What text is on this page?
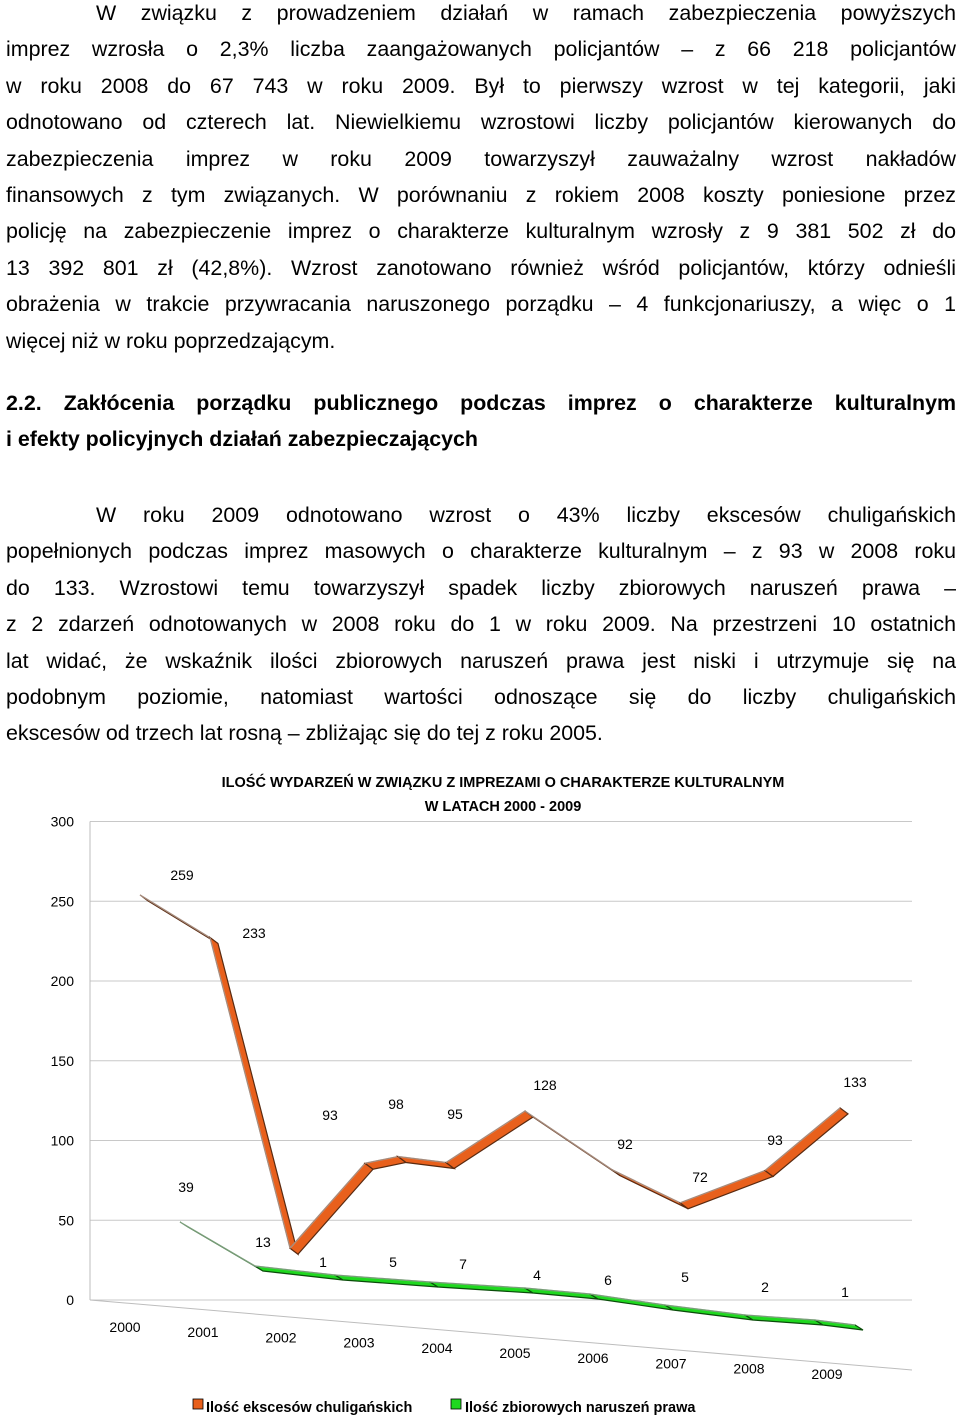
W związku z prowadzeniem działań w ramach zabezpieczenia powyższych
imprez wzrosła o 2,3% liczba zaangażowanych policjantów – z 66 218 policjantów
w roku 2008 do 67 743 w roku 2009. Był to pierwszy wzrost w tej kategorii, jaki
odnotowano od czterech lat. Niewielkiemu wzrostowi liczby policjantów kierowanych do
zabezpieczenia imprez w roku 2009 towarzyszył zauważalny wzrost nakładów
finansowych z tym związanych. W porównaniu z rokiem 2008 koszty poniesione przez
policję na zabezpieczenie imprez o charakterze kulturalnym wzrosły z 9 381 502 zł do
13 392 801 zł (42,8%). Wzrost zanotowano również wśród policjantów, którzy odnieśli
obrażenia w trakcie przywracania naruszonego porządku – 4 funkcjonariuszy, a więc o 1
więcej niż w roku poprzedzającym.
2.2. Zakłócenia porządku publicznego podczas imprez o charakterze kulturalnym
i efekty policyjnych działań zabezpieczających
W roku 2009 odnotowano wzrost o 43% liczby ekscesów chuligańskich
popełnionych podczas imprez masowych o charakterze kulturalnym – z 93 w 2008 roku
do 133. Wzrostowi temu towarzyszył spadek liczby zbiorowych naruszeń prawa –
z 2 zdarzeń odnotowanych w 2008 roku do 1 w roku 2009. Na przestrzeni 10 ostatnich
lat widać, że wskaźnik ilości zbiorowych naruszeń prawa jest niski i utrzymuje się na
podobnym poziomie, natomiast wartości odnoszące się do liczby chuligańskich
ekscesów od trzech lat rosną – zbliżając się do tej z roku 2005.
0
50
100
150
200
250
300
2000	2001	2002	2003	2004	2005	2006	2007	2008	2009
259
233
39
93
98
95
128
92
72
93
133
13
1	5	7
4	6	5
2	1
ILOŚĆ WYDARZEŃ W ZWIĄZKU Z IMPREZAMI O CHARAKTERZE KULTURALNYM
W LATACH 2000 - 2009
Ilość ekscesów chuligańskich	Ilość zbiorowych naruszeń prawa
